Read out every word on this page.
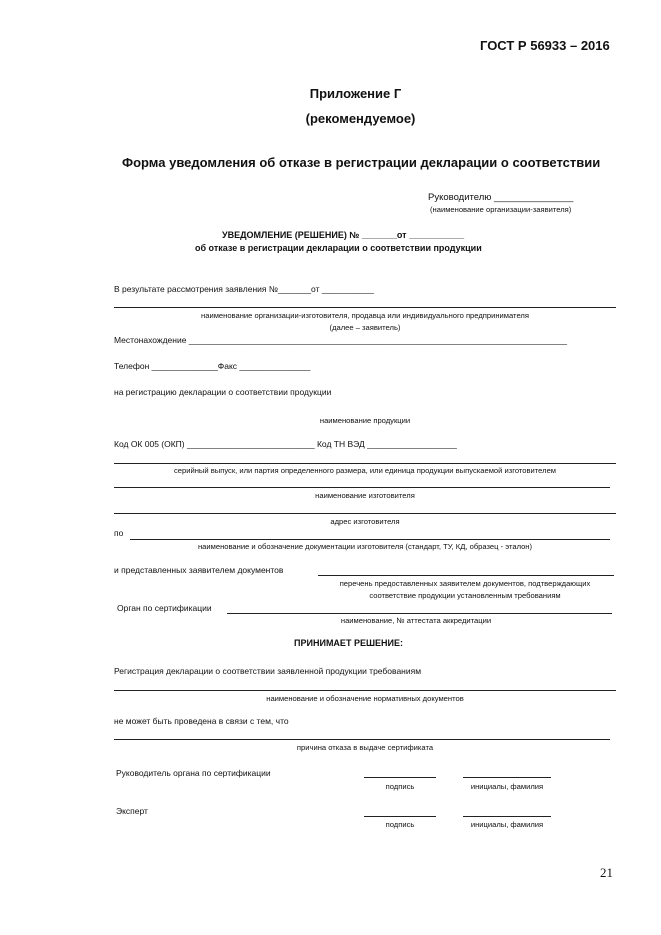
ГОСТ Р 56933 – 2016
Приложение Г
(рекомендуемое)
Форма уведомления об отказе в регистрации декларации о соответствии
Руководителю _______________
(наименование организации-заявителя)
УВЕДОМЛЕНИЕ (РЕШЕНИЕ) № _______от ___________
об отказе в регистрации декларации о соответствии продукции
В результате рассмотрения заявления №_______от ___________
наименование организации-изготовителя, продавца или индивидуального предпринимателя
(далее – заявитель)
Местонахождение ________________________________________________________________________________
Телефон ______________Факс _______________
на регистрацию декларации о соответствии продукции
наименование продукции
Код ОК 005 (ОКП) ___________________________ Код ТН ВЭД ___________________
серийный выпуск, или партия определенного размера, или единица продукции выпускаемой изготовителем
наименование изготовителя
адрес изготовителя
по
наименование и обозначение документации изготовителя (стандарт, ТУ, КД, образец - эталон)
и представленных заявителем документов
перечень предоставленных заявителем документов, подтверждающих
соответствие продукции установленным требованиям
Орган по сертификации
наименование, № аттестата аккредитации
ПРИНИМАЕТ РЕШЕНИЕ:
Регистрация декларации о соответствии заявленной продукции требованиям
наименование и обозначение нормативных документов
не может быть проведена в связи с тем, что
причина отказа в выдаче сертификата
Руководитель органа по сертификации
подпись	инициалы, фамилия
Эксперт
подпись	инициалы, фамилия
21
